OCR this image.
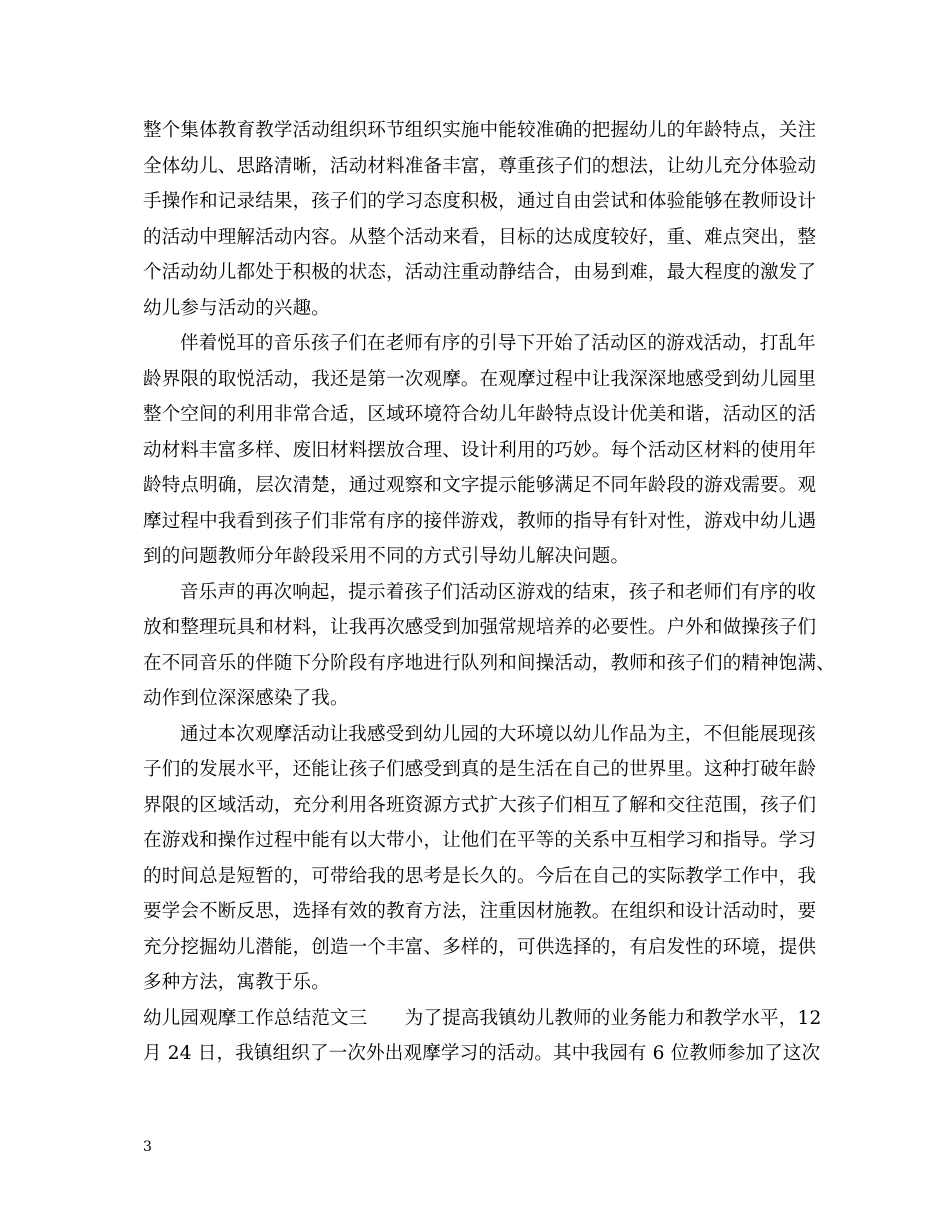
整个集体教育教学活动组织环节组织实施中能较准确的把握幼儿的年龄特点，关注
全体幼儿、思路清晰，活动材料准备丰富，尊重孩子们的想法，让幼儿充分体验动
手操作和记录结果，孩子们的学习态度积极，通过自由尝试和体验能够在教师设计
的活动中理解活动内容。从整个活动来看，目标的达成度较好，重、难点突出，整
个活动幼儿都处于积极的状态，活动注重动静结合，由易到难，最大程度的激发了
幼儿参与活动的兴趣。
伴着悦耳的音乐孩子们在老师有序的引导下开始了活动区的游戏活动，打乱年
龄界限的取悦活动，我还是第一次观摩。在观摩过程中让我深深地感受到幼儿园里
整个空间的利用非常合适，区域环境符合幼儿年龄特点设计优美和谐，活动区的活
动材料丰富多样、废旧材料摆放合理、设计利用的巧妙。每个活动区材料的使用年
龄特点明确，层次清楚，通过观察和文字提示能够满足不同年龄段的游戏需要。观
摩过程中我看到孩子们非常有序的接伴游戏，教师的指导有针对性，游戏中幼儿遇
到的问题教师分年龄段采用不同的方式引导幼儿解决问题。
音乐声的再次响起，提示着孩子们活动区游戏的结束，孩子和老师们有序的收
放和整理玩具和材料，让我再次感受到加强常规培养的必要性。户外和做操孩子们
在不同音乐的伴随下分阶段有序地进行队列和间操活动，教师和孩子们的精神饱满、
动作到位深深感染了我。
通过本次观摩活动让我感受到幼儿园的大环境以幼儿作品为主，不但能展现孩
子们的发展水平，还能让孩子们感受到真的是生活在自己的世界里。这种打破年龄
界限的区域活动，充分利用各班资源方式扩大孩子们相互了解和交往范围，孩子们
在游戏和操作过程中能有以大带小，让他们在平等的关系中互相学习和指导。学习
的时间总是短暂的，可带给我的思考是长久的。今后在自己的实际教学工作中，我
要学会不断反思，选择有效的教育方法，注重因材施教。在组织和设计活动时，要
充分挖掘幼儿潜能，创造一个丰富、多样的，可供选择的，有启发性的环境，提供
多种方法，寓教于乐。
幼儿园观摩工作总结范文三　　为了提高我镇幼儿教师的业务能力和教学水平，12
月 24 日，我镇组织了一次外出观摩学习的活动。其中我园有 6 位教师参加了这次
3
